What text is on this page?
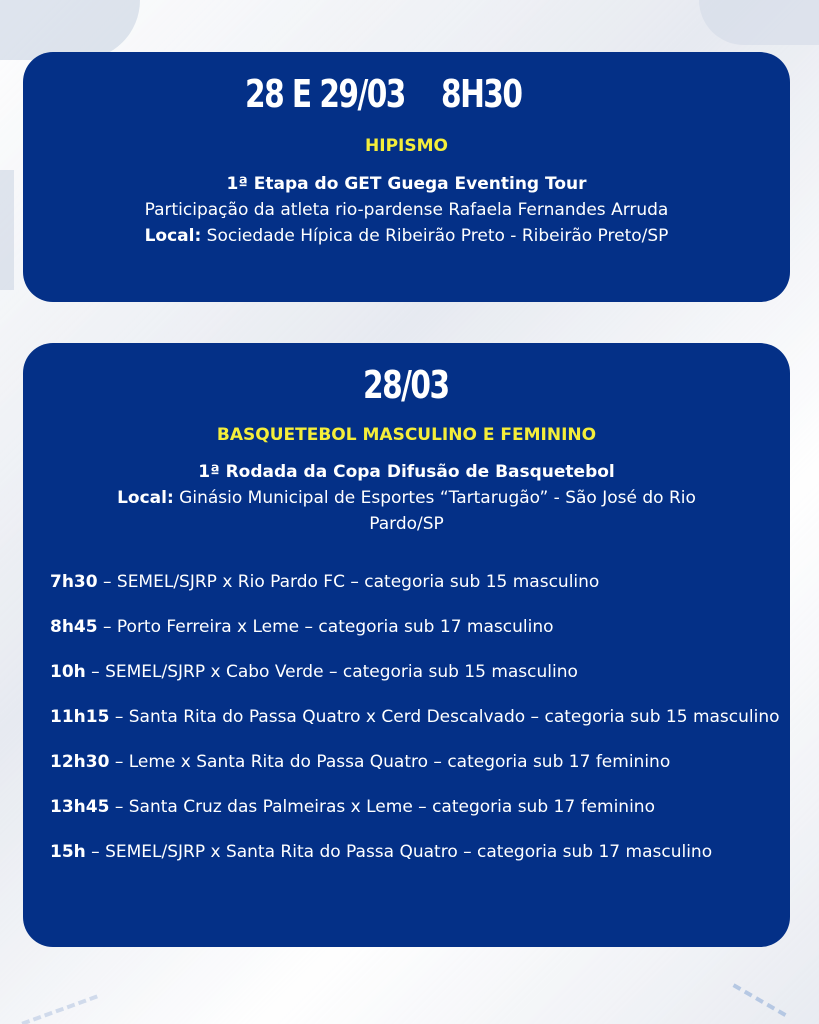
28 E 29/03 8H30
HIPISMO
1ª Etapa do GET Guega Eventing Tour
Participação da atleta rio-pardense Rafaela Fernandes Arruda
Local: Sociedade Hípica de Ribeirão Preto - Ribeirão Preto/SP
28/03
BASQUETEBOL MASCULINO E FEMININO
1ª Rodada da Copa Difusão de Basquetebol
Local: Ginásio Municipal de Esportes “Tartarugão” - São José do Rio Pardo/SP
7h30 – SEMEL/SJRP x Rio Pardo FC – categoria sub 15 masculino
8h45 – Porto Ferreira x Leme – categoria sub 17 masculino
10h – SEMEL/SJRP x Cabo Verde – categoria sub 15 masculino
11h15 – Santa Rita do Passa Quatro x Cerd Descalvado – categoria sub 15 masculino
12h30 – Leme x Santa Rita do Passa Quatro – categoria sub 17 feminino
13h45 – Santa Cruz das Palmeiras x Leme – categoria sub 17 feminino
15h – SEMEL/SJRP x Santa Rita do Passa Quatro – categoria sub 17 masculino
